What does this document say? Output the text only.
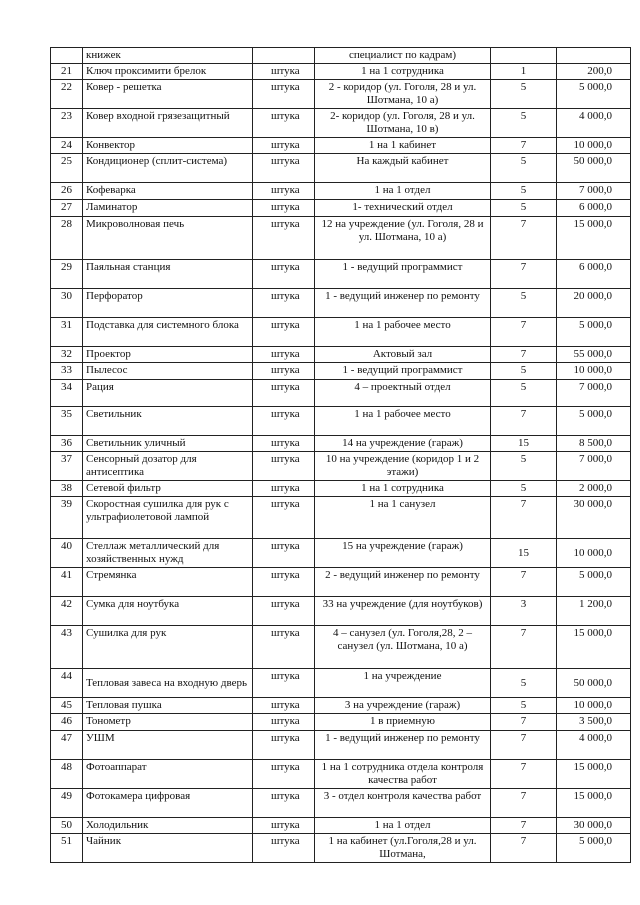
	книжек		специалист по кадрам)		
21	Ключ проксимити брелок	штука	1 на 1 сотрудника	1	200,0
22	Ковер - решетка	штука	2 - коридор (ул. Гоголя, 28 и ул. Шотмана, 10 а)	5	5 000,0
23	Ковер входной грязезащитный	штука	2- коридор (ул. Гоголя, 28 и ул. Шотмана, 10 в)	5	4 000,0
24	Конвектор	штука	1 на 1 кабинет	7	10 000,0
25	Кондиционер (сплит-система)	штука	На каждый кабинет	5	50 000,0
26	Кофеварка	штука	1 на 1 отдел	5	7 000,0
27	Ламинатор	штука	1- технический отдел	5	6 000,0
28	Микроволновая печь	штука	12 на учреждение (ул. Гоголя, 28 и ул. Шотмана, 10 а)	7	15 000,0
29	Паяльная станция	штука	1 - ведущий программист	7	6 000,0
30	Перфоратор	штука	1 - ведущий инженер по ремонту	5	20 000,0
31	Подставка для системного блока	штука	1 на 1 рабочее место	7	5 000,0
32	Проектор	штука	Актовый зал	7	55 000,0
33	Пылесос	штука	1 - ведущий программист	5	10 000,0
34	Рация	штука	4 – проектный отдел	5	7 000,0
35	Светильник	штука	1 на 1 рабочее место	7	5 000,0
36	Светильник уличный	штука	14 на учреждение (гараж)	15	8 500,0
37	Сенсорный дозатор для антисептика	штука	10 на учреждение (коридор 1 и 2 этажи)	5	7 000,0
38	Сетевой фильтр	штука	1 на 1 сотрудника	5	2 000,0
39	Скоростная сушилка для рук с ультрафиолетовой лампой	штука	1 на 1 санузел	7	30 000,0
40	Стеллаж металлический для хозяйственных нужд	штука	15 на учреждение (гараж)	15	10 000,0
41	Стремянка	штука	2 - ведущий инженер по ремонту	7	5 000,0
42	Сумка для ноутбука	штука	33 на учреждение (для ноутбуков)	3	1 200,0
43	Сушилка для рук	штука	4 – санузел (ул. Гоголя,28, 2 – санузел (ул. Шотмана, 10 а)	7	15 000,0
44	Тепловая завеса на входную дверь	штука	1 на учреждение	5	50 000,0
45	Тепловая пушка	штука	3 на учреждение (гараж)	5	10 000,0
46	Тонометр	штука	1 в приемную	7	3 500,0
47	УШМ	штука	1 - ведущий инженер по ремонту	7	4 000,0
48	Фотоаппарат	штука	1 на 1 сотрудника отдела контроля качества работ	7	15 000,0
49	Фотокамера цифровая	штука	3 - отдел контроля качества работ	7	15 000,0
50	Холодильник	штука	1 на 1 отдел	7	30 000,0
51	Чайник	штука	1 на кабинет (ул.Гоголя,28 и ул. Шотмана,	7	5 000,0
